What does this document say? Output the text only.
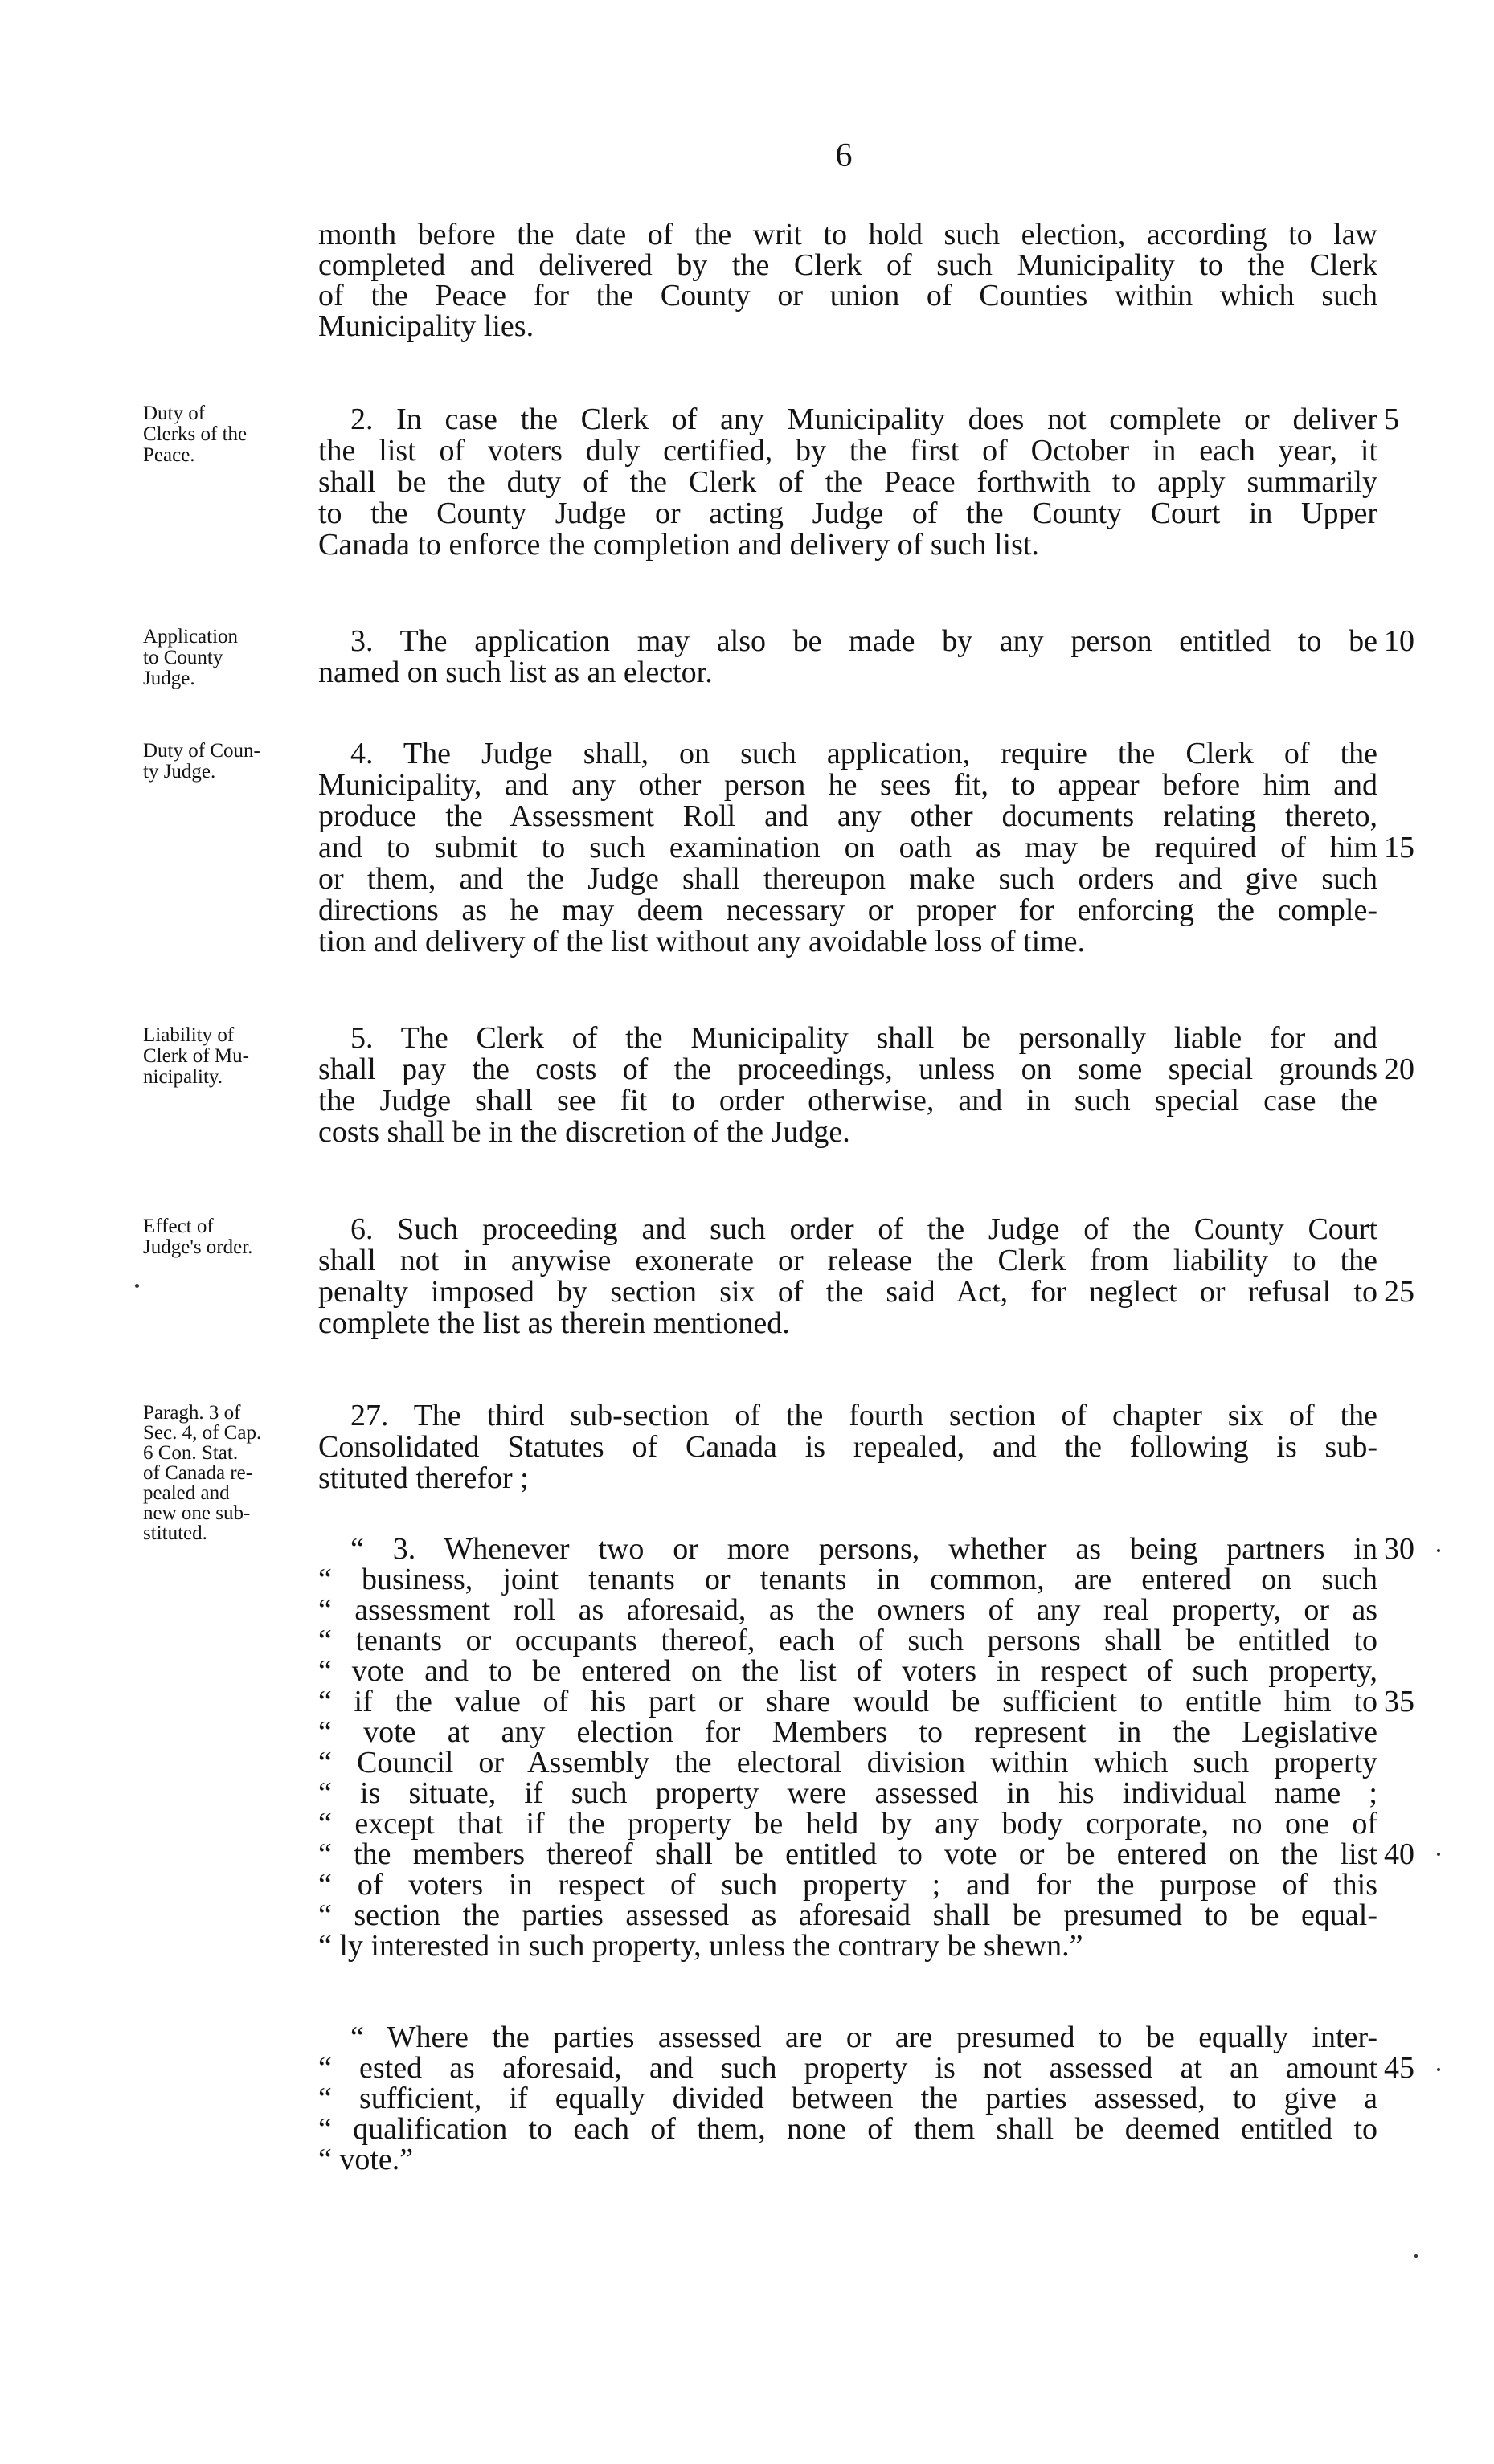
6
month before the date of the writ to hold such election, according to law
completed and delivered by the Clerk of such Municipality to the Clerk
of the Peace for the County or union of Counties within which such
Municipality lies.
Duty of
Clerks of the
Peace.
2. In case the Clerk of any Municipality does not complete or deliver
the list of voters duly certified, by the first of October in each year, it
shall be the duty of the Clerk of the Peace forthwith to apply summarily
to the County Judge or acting Judge of the County Court in Upper
Canada to enforce the completion and delivery of such list.
Application
to County
Judge.
3. The application may also be made by any person entitled to be
named on such list as an elector.
Duty of Coun-
ty Judge.
4. The Judge shall, on such application, require the Clerk of the
Municipality, and any other person he sees fit, to appear before him and
produce the Assessment Roll and any other documents relating thereto,
and to submit to such examination on oath as may be required of him
or them, and the Judge shall thereupon make such orders and give such
directions as he may deem necessary or proper for enforcing the comple-
tion and delivery of the list without any avoidable loss of time.
Liability of
Clerk of Mu-
nicipality.
5. The Clerk of the Municipality shall be personally liable for and
shall pay the costs of the proceedings, unless on some special grounds
the Judge shall see fit to order otherwise, and in such special case the
costs shall be in the discretion of the Judge.
Effect of
Judge's order.
6. Such proceeding and such order of the Judge of the County Court
shall not in anywise exonerate or release the Clerk from liability to the
penalty imposed by section six of the said Act, for neglect or refusal to
complete the list as therein mentioned.
Paragh. 3 of
Sec. 4, of Cap.
6 Con. Stat.
of Canada re-
pealed and
new one sub-
stituted.
27. The third sub-section of the fourth section of chapter six of the
Consolidated Statutes of Canada is repealed, and the following is sub-
stituted therefor ;
“ 3. Whenever two or more persons, whether as being partners in
“ business, joint tenants or tenants in common, are entered on such
“ assessment roll as aforesaid, as the owners of any real property, or as
“ tenants or occupants thereof, each of such persons shall be entitled to
“ vote and to be entered on the list of voters in respect of such property,
“ if the value of his part or share would be sufficient to entitle him to
“ vote at any election for Members to represent in the Legislative
“ Council or Assembly the electoral division within which such property
“ is situate, if such property were assessed in his individual name ;
“ except that if the property be held by any body corporate, no one of
“ the members thereof shall be entitled to vote or be entered on the list
“ of voters in respect of such property ; and for the purpose of this
“ section the parties assessed as aforesaid shall be presumed to be equal-
“ ly interested in such property, unless the contrary be shewn.”
“ Where the parties assessed are or are presumed to be equally inter-
“ ested as aforesaid, and such property is not assessed at an amount
“ sufficient, if equally divided between the parties assessed, to give a
“ qualification to each of them, none of them shall be deemed entitled to
“ vote.”
5
10
15
20
25
30
35
40
45
